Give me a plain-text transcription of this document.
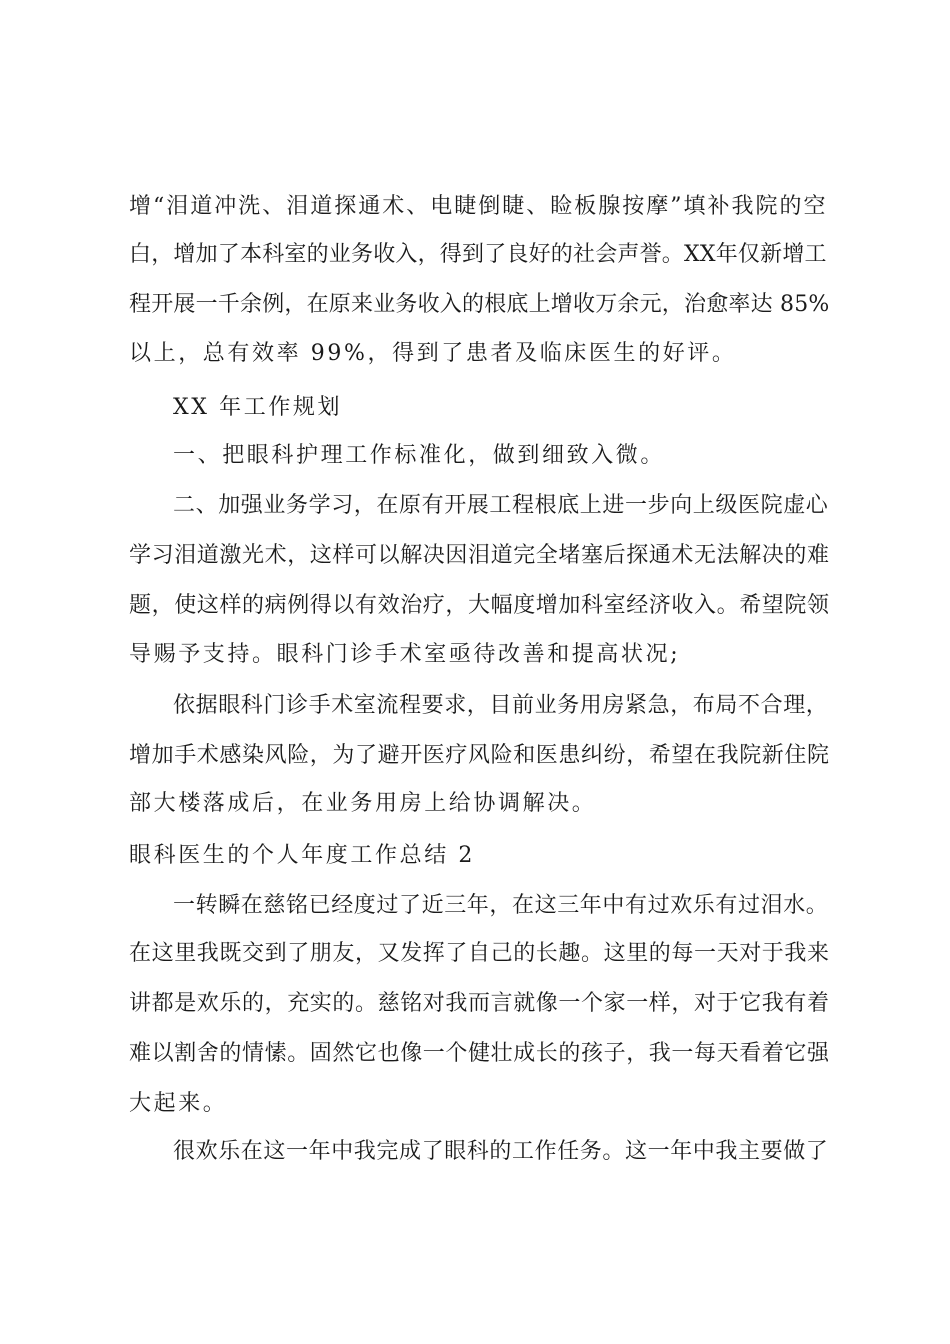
增“泪道冲洗、泪道探通术、电睫倒睫、睑板腺按摩”填补我院的空
白，增加了本科室的业务收入，得到了良好的社会声誉。XX年仅新增工
程开展一千余例，在原来业务收入的根底上增收万余元，治愈率达 85%
以上，总有效率 99%，得到了患者及临床医生的好评。
XX 年工作规划
一、把眼科护理工作标准化，做到细致入微。
二、加强业务学习，在原有开展工程根底上进一步向上级医院虚心
学习泪道激光术，这样可以解决因泪道完全堵塞后探通术无法解决的难
题，使这样的病例得以有效治疗，大幅度增加科室经济收入。希望院领
导赐予支持。眼科门诊手术室亟待改善和提高状况;
依据眼科门诊手术室流程要求，目前业务用房紧急，布局不合理，
增加手术感染风险，为了避开医疗风险和医患纠纷，希望在我院新住院
部大楼落成后，在业务用房上给协调解决。
眼科医生的个人年度工作总结 2
一转瞬在慈铭已经度过了近三年，在这三年中有过欢乐有过泪水。
在这里我既交到了朋友，又发挥了自己的长趣。这里的每一天对于我来
讲都是欢乐的，充实的。慈铭对我而言就像一个家一样，对于它我有着
难以割舍的情愫。固然它也像一个健壮成长的孩子，我一每天看着它强
大起来。
很欢乐在这一年中我完成了眼科的工作任务。这一年中我主要做了
